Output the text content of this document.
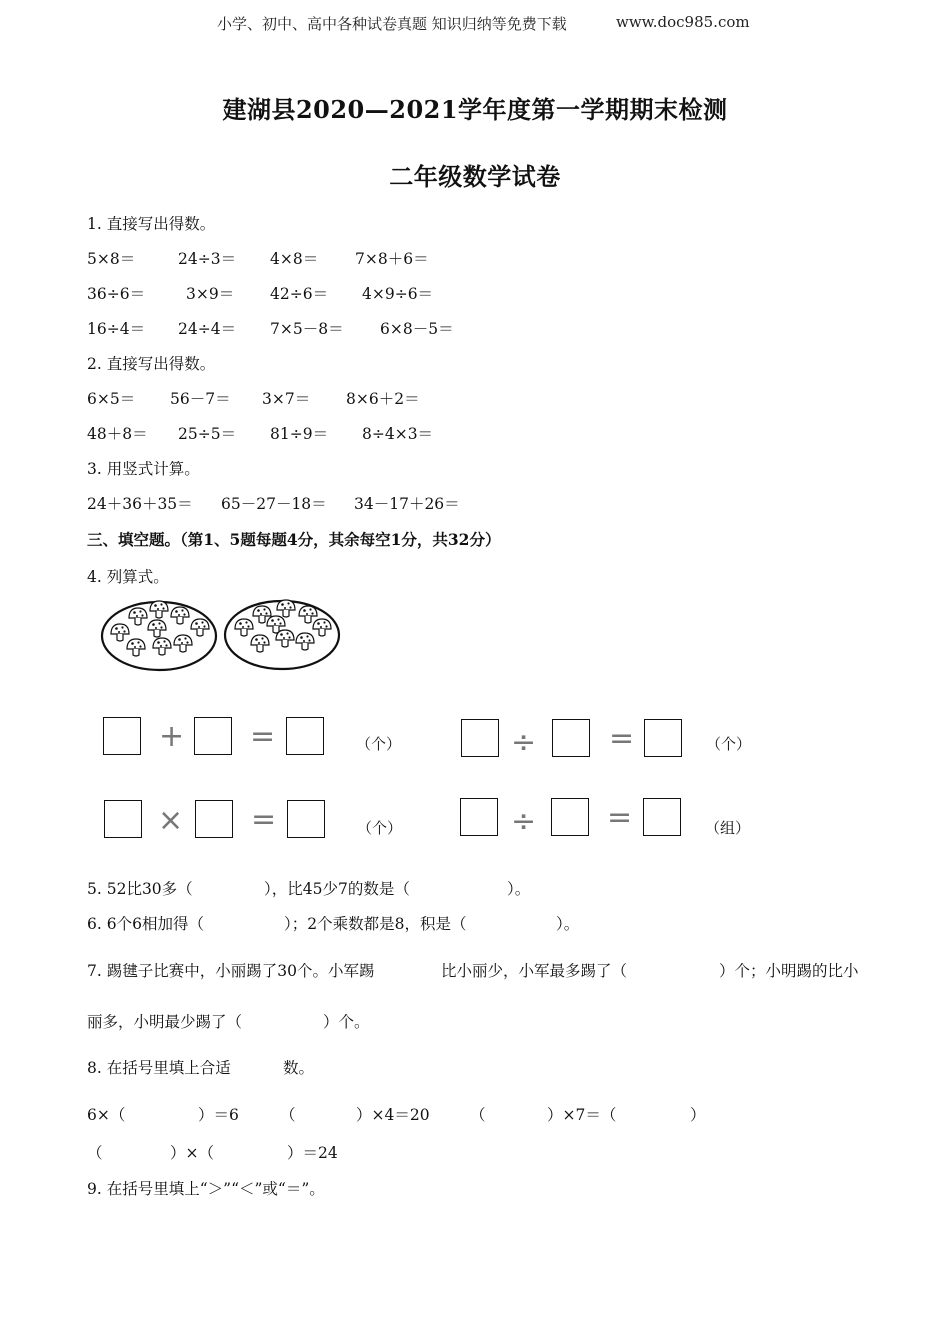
小学、初中、高中各种试卷真题 知识归纳等免费下载	www.doc985.com
建湖县2020—2021学年度第一学期期末检测
二年级数学试卷
1. 直接写出得数。
5×8＝	24÷3＝ 4×8＝ 7×8＋6＝
36÷6＝	3×9＝ 42÷6＝ 4×9÷6＝
16÷4＝ 24÷4＝ 7×5－8＝ 6×8－5＝
2. 直接写出得数。
6×5＝ 56－7＝ 3×7＝ 8×6＋2＝
48＋8＝ 25÷5＝ 81÷9＝ 8÷4×3＝
3. 用竖式计算。
24＋36＋35＝ 65－27－18＝ 34－17＋26＝
三、填空题。（第1、5题每题4分，其余每空1分，共32分）
4. 列算式。
+ =	（个）	÷ =	（个）
× =	（个）	÷ =	（组）
5. 52比30多（	），比45少7的数是（	）。
6. 6个6相加得（	）；2个乘数都是8，积是（	）。
7. 踢毽子比赛中，小丽踢了30个。小军踢	比小丽少，小军最多踢了（	）个；小明踢的比小
丽多，小明最少踢了（	）个。
8. 在括号里填上合适	数。
6×（	）＝6	（	）×4＝20	（	）×7＝（	）
（	）×（	）＝24
9. 在括号里填上“＞”“＜”或“＝”。
